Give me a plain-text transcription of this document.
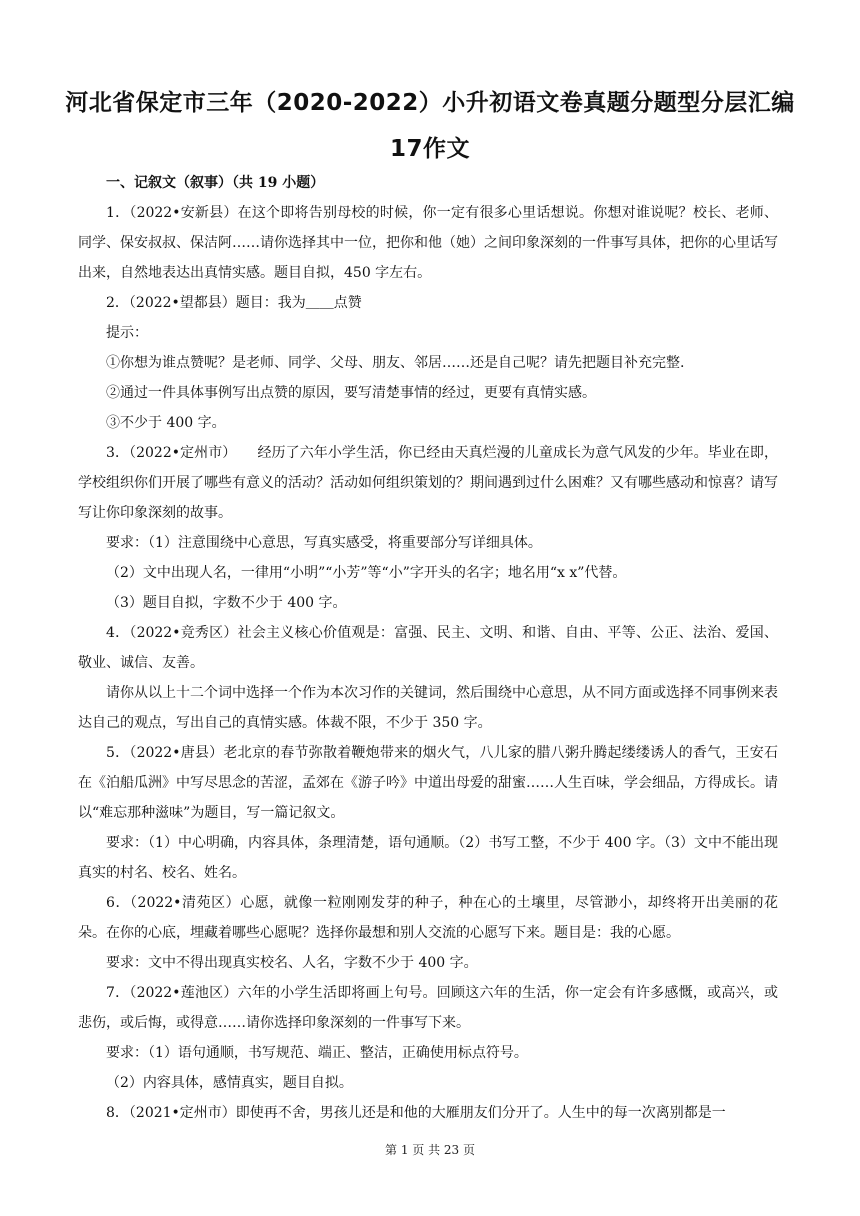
河北省保定市三年（2020-2022）小升初语文卷真题分题型分层汇编
17作文

一、记叙文（叙事）（共 19 小题）

1．（2022•安新县）在这个即将告别母校的时候，你一定有很多心里话想说。你想对谁说呢？校长、老师、同学、保安叔叔、保洁阿……请你选择其中一位，把你和他（她）之间印象深刻的一件事写具体，把你的心里话写出来，自然地表达出真情实感。题目自拟，450 字左右。

2．（2022•望都县）题目：我为＿＿点赞

提示：

①你想为谁点赞呢？是老师、同学、父母、朋友、邻居……还是自己呢？请先把题目补充完整.

②通过一件具体事例写出点赞的原因，要写清楚事情的经过，更要有真情实感。

③不少于 400 字。

3．（2022•定州市）　　经历了六年小学生活，你已经由天真烂漫的儿童成长为意气风发的少年。毕业在即，学校组织你们开展了哪些有意义的活动？活动如何组织策划的？期间遇到过什么困难？又有哪些感动和惊喜？请写写让你印象深刻的故事。

要求：（1）注意围绕中心意思，写真实感受，将重要部分写详细具体。

（2）文中出现人名，一律用“小明”“小芳”等“小”字开头的名字；地名用“x x”代替。

（3）题目自拟，字数不少于 400 字。

4．（2022•竞秀区）社会主义核心价值观是：富强、民主、文明、和谐、自由、平等、公正、法治、爱国、敬业、诚信、友善。

请你从以上十二个词中选择一个作为本次习作的关键词，然后围绕中心意思，从不同方面或选择不同事例来表达自己的观点，写出自己的真情实感。体裁不限，不少于 350 字。

5．（2022•唐县）老北京的春节弥散着鞭炮带来的烟火气，八儿家的腊八粥升腾起缕缕诱人的香气，王安石在《泊船瓜洲》中写尽思念的苦涩，孟郊在《游子吟》中道出母爱的甜蜜……人生百味，学会细品，方得成长。请以“难忘那种滋味”为题目，写一篇记叙文。

要求：（1）中心明确，内容具体，条理清楚，语句通顺。（2）书写工整，不少于 400 字。（3）文中不能出现真实的村名、校名、姓名。

6．（2022•清苑区）心愿，就像一粒刚刚发芽的种子，种在心的土壤里，尽管渺小，却终将开出美丽的花朵。在你的心底，埋藏着哪些心愿呢？选择你最想和别人交流的心愿写下来。题目是：我的心愿。

要求：文中不得出现真实校名、人名，字数不少于 400 字。

7．（2022•莲池区）六年的小学生活即将画上句号。回顾这六年的生活，你一定会有许多感慨，或高兴，或悲伤，或后悔，或得意……请你选择印象深刻的一件事写下来。

要求：（1）语句通顺，书写规范、端正、整洁，正确使用标点符号。

（2）内容具体，感情真实，题目自拟。

8．（2021•定州市）即使再不舍，男孩儿还是和他的大雁朋友们分开了。人生中的每一次离别都是一

第 1 页 共 23 页
